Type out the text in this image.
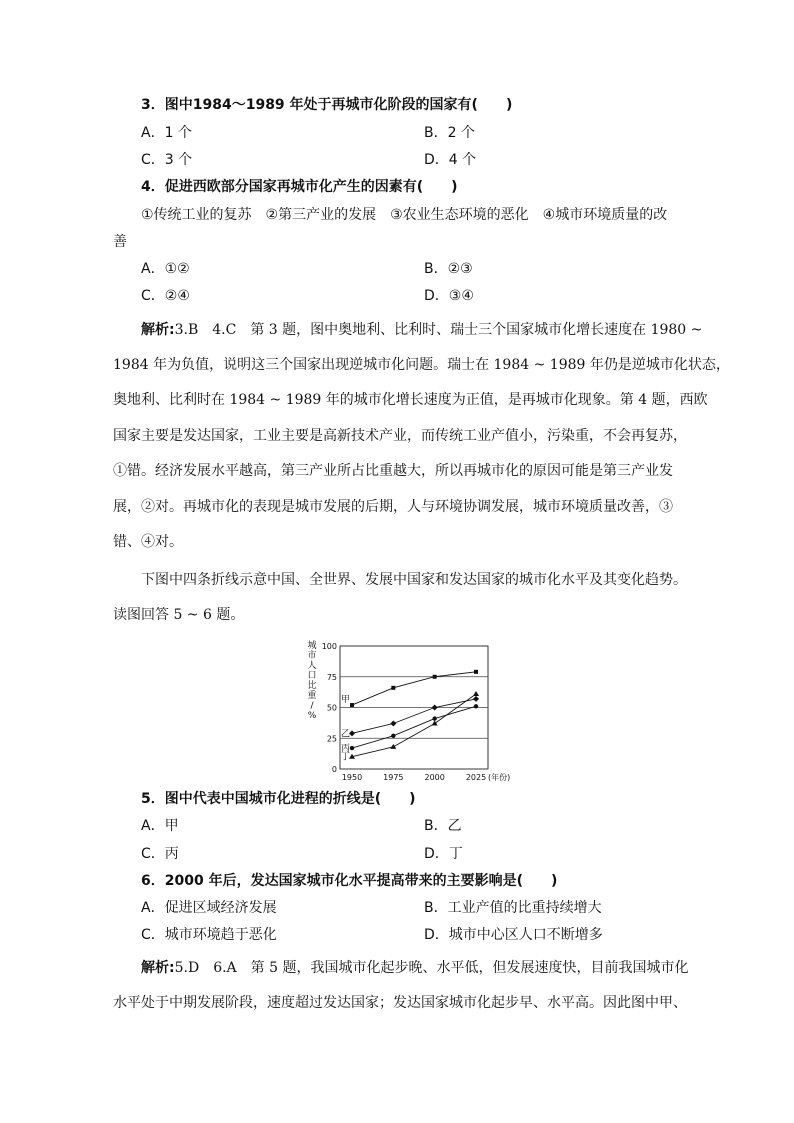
3．图中1984～1989 年处于再城市化阶段的国家有(　　)
A．1 个	B．2 个
C．3 个	D．4 个
4．促进西欧部分国家再城市化产生的因素有(　　)
①传统工业的复苏　②第三产业的发展　③农业生态环境的恶化　④城市环境质量的改
善
A．①②	B．②③
C．②④	D．③④
解析:3.B　4.C　第 3 题，图中奥地利、比利时、瑞士三个国家城市化增长速度在 1980 ~
1984 年为负值，说明这三个国家出现逆城市化问题。瑞士在 1984 ~ 1989 年仍是逆城市化状态，
奥地利、比利时在 1984 ~ 1989 年的城市化增长速度为正值，是再城市化现象。第 4 题，西欧
国家主要是发达国家，工业主要是高新技术产业，而传统工业产值小，污染重，不会再复苏，
①错。经济发展水平越高，第三产业所占比重越大，所以再城市化的原因可能是第三产业发
展，②对。再城市化的表现是城市发展的后期，人与环境协调发展，城市环境质量改善，③
错、④对。
下图中四条折线示意中国、全世界、发展中国家和发达国家的城市化水平及其变化趋势。
读图回答 5 ~ 6 题。
0
25
50
75
100
1950	1975	2000	2025 (年份)
城市人口比重/ %
甲
乙
丙
丁
5．图中代表中国城市化进程的折线是(　　)
A．甲	B．乙
C．丙	D．丁
6．2000 年后，发达国家城市化水平提高带来的主要影响是(　　)
A．促进区域经济发展	B．工业产值的比重持续增大
C．城市环境趋于恶化	D．城市中心区人口不断增多
解析:5.D　6.A　第 5 题，我国城市化起步晚、水平低，但发展速度快，目前我国城市化
水平处于中期发展阶段，速度超过发达国家；发达国家城市化起步早、水平高。因此图中甲、
